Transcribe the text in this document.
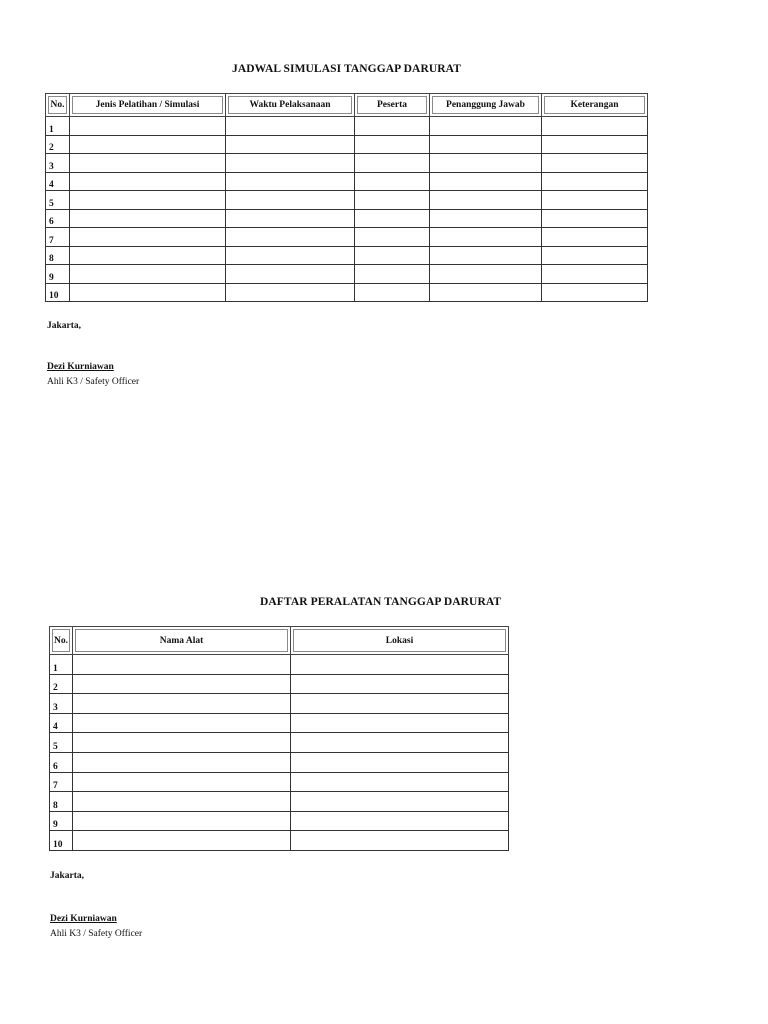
JADWAL SIMULASI TANGGAP DARURAT
No.	Jenis Pelatihan / Simulasi	Waktu Pelaksanaan	Peserta	Penanggung Jawab	Keterangan
1					
2					
3					
4					
5					
6					
7					
8					
9					
10					
Jakarta,
Dezi Kurniawan
Ahli K3 / Safety Officer
DAFTAR PERALATAN TANGGAP DARURAT
No.	Nama Alat	Lokasi
1		
2		
3		
4		
5		
6		
7		
8		
9		
10		
Jakarta,
Dezi Kurniawan
Ahli K3 / Safety Officer
